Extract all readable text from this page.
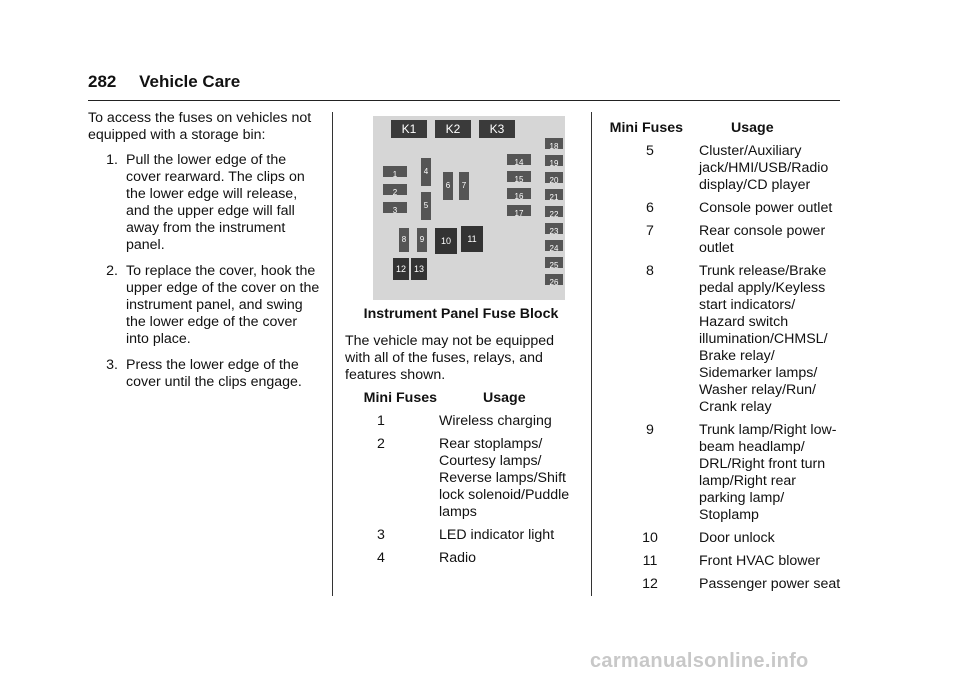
282 Vehicle Care

To access the fuses on vehicles not equipped with a storage bin:

1. Pull the lower edge of the cover rearward. The clips on the lower edge will release, and the upper edge will fall away from the instrument panel.
2. To replace the cover, hook the upper edge of the cover on the instrument panel, and swing the lower edge of the cover into place.
3. Press the lower edge of the cover until the clips engage.
K1	K2	K3
18
19
20
21
22
23
24
25
26
14
15
16
17
1
2
3
4
5
6	7
8	9	10	11
12 13
Instrument Panel Fuse Block

The vehicle may not be equipped with all of the fuses, relays, and features shown.

Mini Fuses	Usage
1	Wireless charging
2	Rear stoplamps/ Courtesy lamps/ Reverse lamps/Shift lock solenoid/Puddle lamps
3	LED indicator light
4	Radio
Mini Fuses	Usage
5	Cluster/Auxiliary jack/HMI/USB/Radio display/CD player
6	Console power outlet
7	Rear console power outlet
8	Trunk release/Brake pedal apply/Keyless start indicators/ Hazard switch illumination/CHMSL/ Brake relay/ Sidemarker lamps/ Washer relay/Run/ Crank relay
9	Trunk lamp/Right low-beam headlamp/ DRL/Right front turn lamp/Right rear parking lamp/ Stoplamp
10	Door unlock
11	Front HVAC blower
12	Passenger power seat
carmanualsonline.info
